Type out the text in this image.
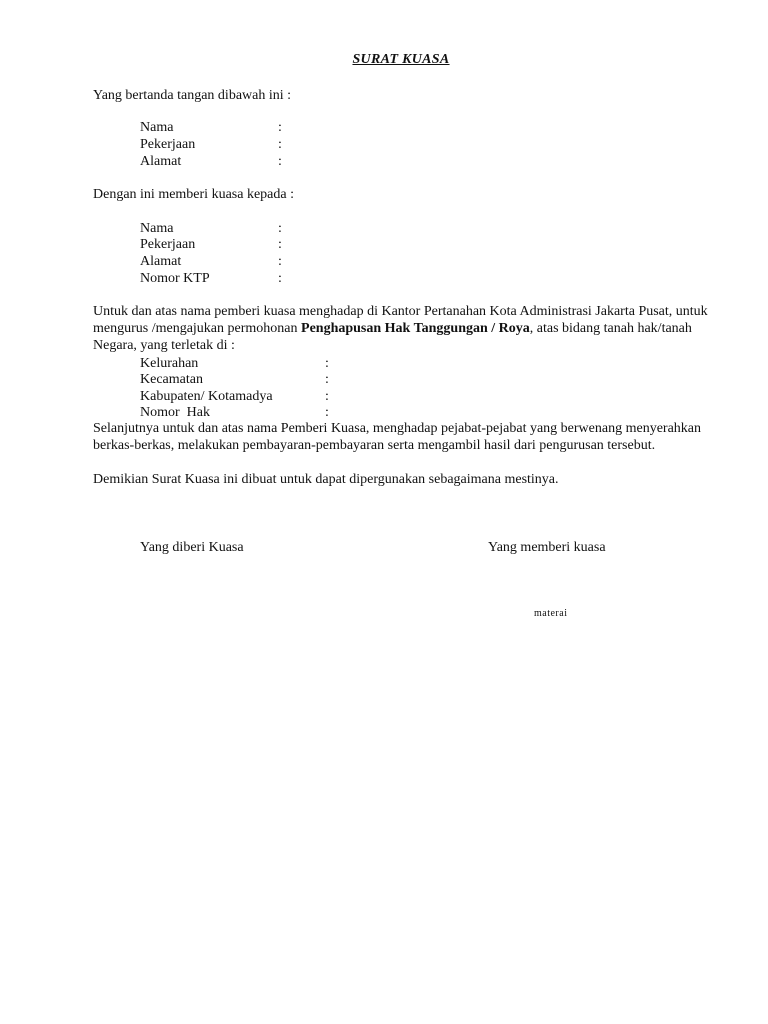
SURAT KUASA
Yang bertanda tangan dibawah ini :
Nama	:
Pekerjaan	:
Alamat	:
Dengan ini memberi kuasa kepada :
Nama	:
Pekerjaan	:
Alamat	:
Nomor KTP	:
Untuk dan atas nama pemberi kuasa menghadap di Kantor Pertanahan Kota Administrasi Jakarta Pusat, untuk mengurus /mengajukan permohonan Penghapusan Hak Tanggungan / Roya, atas bidang tanah hak/tanah Negara, yang terletak di :
Kelurahan	:
Kecamatan	:
Kabupaten/ Kotamadya	:
Nomor  Hak	:
Selanjutnya untuk dan atas nama Pemberi Kuasa, menghadap pejabat-pejabat yang berwenang menyerahkan berkas-berkas, melakukan pembayaran-pembayaran serta mengambil hasil dari pengurusan tersebut.
Demikian Surat Kuasa ini dibuat untuk dapat dipergunakan sebagaimana mestinya.
Yang diberi Kuasa	Yang memberi kuasa
materai
